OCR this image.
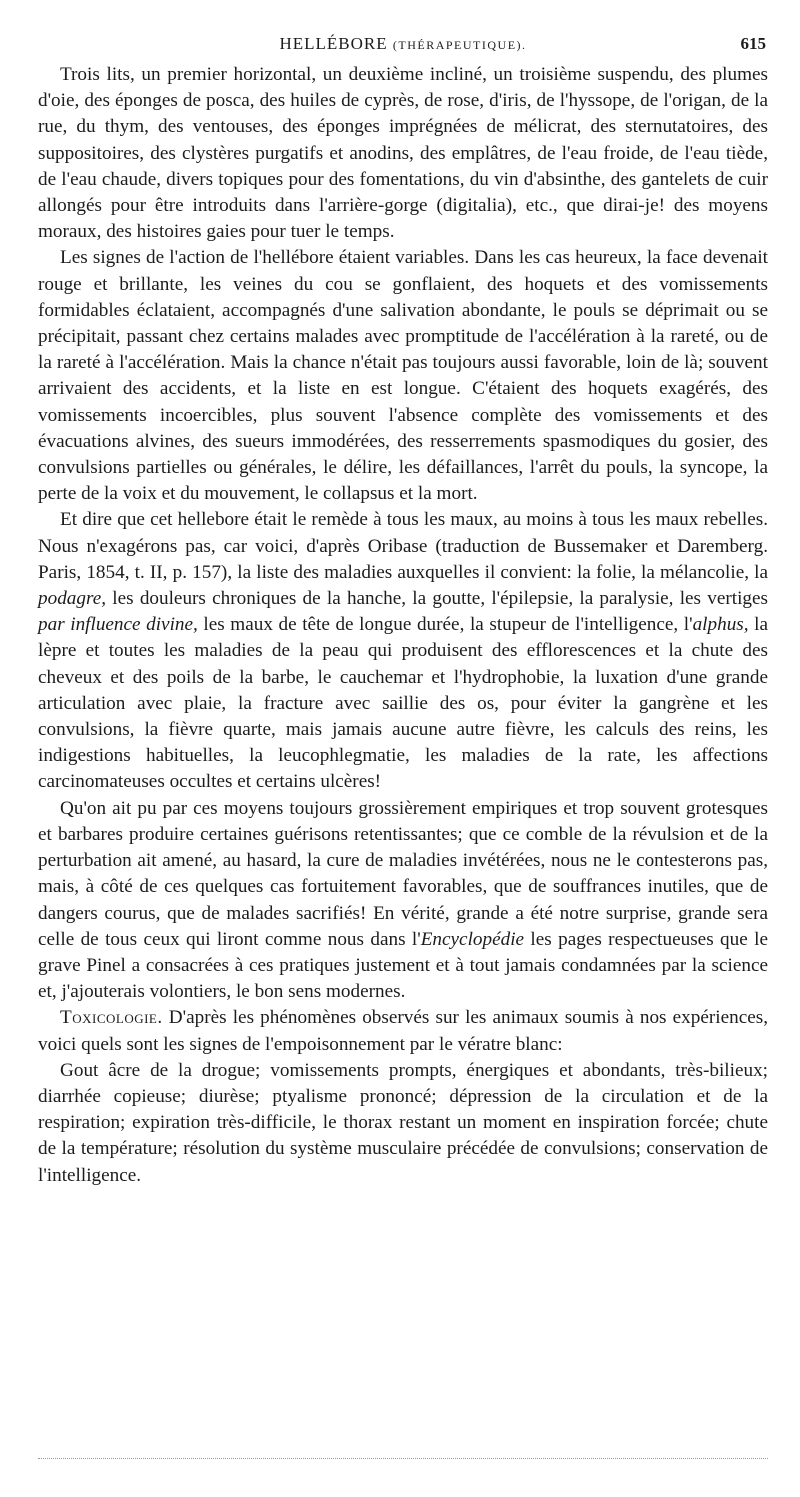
HELLÉBORE (THÉRAPEUTIQUE).	615

Trois lits, un premier horizontal, un deuxième incliné, un troisième suspendu, des plumes d'oie, des éponges de posca, des huiles de cyprès, de rose, d'iris, de l'hyssope, de l'origan, de la rue, du thym, des ventouses, des éponges imprégnées de mélicrat, des sternutatoires, des suppositoires, des clystères purgatifs et anodins, des emplâtres, de l'eau froide, de l'eau tiède, de l'eau chaude, divers topiques pour des fomentations, du vin d'absinthe, des gantelets de cuir allongés pour être introduits dans l'arrière-gorge (digitalia), etc., que dirai-je! des moyens moraux, des histoires gaies pour tuer le temps.

Les signes de l'action de l'hellébore étaient variables. Dans les cas heureux, la face devenait rouge et brillante, les veines du cou se gonflaient, des hoquets et des vomissements formidables éclataient, accompagnés d'une salivation abondante, le pouls se déprimait ou se précipitait, passant chez certains malades avec promptitude de l'accélération à la rareté, ou de la rareté à l'accélération. Mais la chance n'était pas toujours aussi favorable, loin de là; souvent arrivaient des accidents, et la liste en est longue. C'étaient des hoquets exagérés, des vomissements incoercibles, plus souvent l'absence complète des vomissements et des évacuations alvines, des sueurs immodérées, des resserrements spasmodiques du gosier, des convulsions partielles ou générales, le délire, les défaillances, l'arrêt du pouls, la syncope, la perte de la voix et du mouvement, le collapsus et la mort.

Et dire que cet hellebore était le remède à tous les maux, au moins à tous les maux rebelles. Nous n'exagérons pas, car voici, d'après Oribase (traduction de Bussemaker et Daremberg. Paris, 1854, t. II, p. 157), la liste des maladies auxquelles il convient: la folie, la mélancolie, la podagre, les douleurs chroniques de la hanche, la goutte, l'épilepsie, la paralysie, les vertiges par influence divine, les maux de tête de longue durée, la stupeur de l'intelligence, l'alphus, la lèpre et toutes les maladies de la peau qui produisent des efflorescences et la chute des cheveux et des poils de la barbe, le cauchemar et l'hydrophobie, la luxation d'une grande articulation avec plaie, la fracture avec saillie des os, pour éviter la gangrène et les convulsions, la fièvre quarte, mais jamais aucune autre fièvre, les calculs des reins, les indigestions habituelles, la leucophlegmatie, les maladies de la rate, les affections carcinomateuses occultes et certains ulcères!

Qu'on ait pu par ces moyens toujours grossièrement empiriques et trop souvent grotesques et barbares produire certaines guérisons retentissantes; que ce comble de la révulsion et de la perturbation ait amené, au hasard, la cure de maladies invétérées, nous ne le contesterons pas, mais, à côté de ces quelques cas fortuitement favorables, que de souffrances inutiles, que de dangers courus, que de malades sacrifiés! En vérité, grande a été notre surprise, grande sera celle de tous ceux qui liront comme nous dans l'Encyclopédie les pages respectueuses que le grave Pinel a consacrées à ces pratiques justement et à tout jamais condamnées par la science et, j'ajouterais volontiers, le bon sens modernes.

Toxicologie. D'après les phénomènes observés sur les animaux soumis à nos expériences, voici quels sont les signes de l'empoisonnement par le vératre blanc:

Gout âcre de la drogue; vomissements prompts, énergiques et abondants, très-bilieux; diarrhée copieuse; diurèse; ptyalisme prononcé; dépression de la circulation et de la respiration; expiration très-difficile, le thorax restant un moment en inspiration forcée; chute de la température; résolution du système musculaire précédée de convulsions; conservation de l'intelligence.
